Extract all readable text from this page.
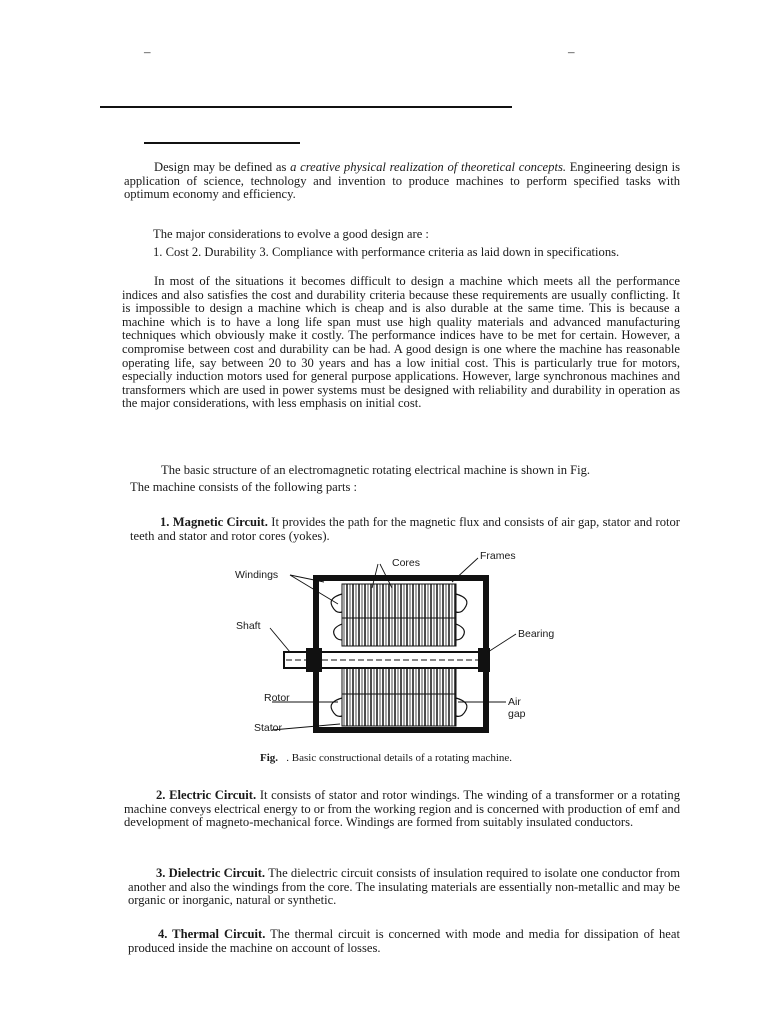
–	–
Design may be defined as a creative physical realization of theoretical concepts. Engineering design is application of science, technology and invention to produce machines to perform specified tasks with optimum economy and efficiency.
The major considerations to evolve a good design are :
1. Cost 2. Durability 3. Compliance with performance criteria as laid down in specifications.
In most of the situations it becomes difficult to design a machine which meets all the performance indices and also satisfies the cost and durability criteria because these requirements are usually conflicting. It is impossible to design a machine which is cheap and is also durable at the same time. This is because a machine which is to have a long life span must use high quality materials and advanced manufacturing techniques which obviously make it costly. The performance indices have to be met for certain. However, a compromise between cost and durability can be had. A good design is one where the machine has reasonable operating life, say between 20 to 30 years and has a low initial cost. This is particularly true for motors, especially induction motors used for general purpose applications. However, large synchronous machines and transformers which are used in power systems must be designed with reliability and durability in operation as the major considerations, with less emphasis on initial cost.
The basic structure of an electromagnetic rotating electrical machine is shown in Fig.
The machine consists of the following parts :
1. Magnetic Circuit. It provides the path for the magnetic flux and consists of air gap, stator and rotor teeth and stator and rotor cores (yokes).
Windings
Cores
Frames
Shaft
Bearing
Rotor
Stator
Air
gap
Fig. . Basic constructional details of a rotating machine.
2. Electric Circuit. It consists of stator and rotor windings. The winding of a transformer or a rotating machine conveys electrical energy to or from the working region and is concerned with production of emf and development of magneto-mechanical force. Windings are formed from suitably insulated conductors.
3. Dielectric Circuit. The dielectric circuit consists of insulation required to isolate one conductor from another and also the windings from the core. The insulating materials are essentially non-metallic and may be organic or inorganic, natural or synthetic.
4. Thermal Circuit. The thermal circuit is concerned with mode and media for dissipation of heat produced inside the machine on account of losses.
